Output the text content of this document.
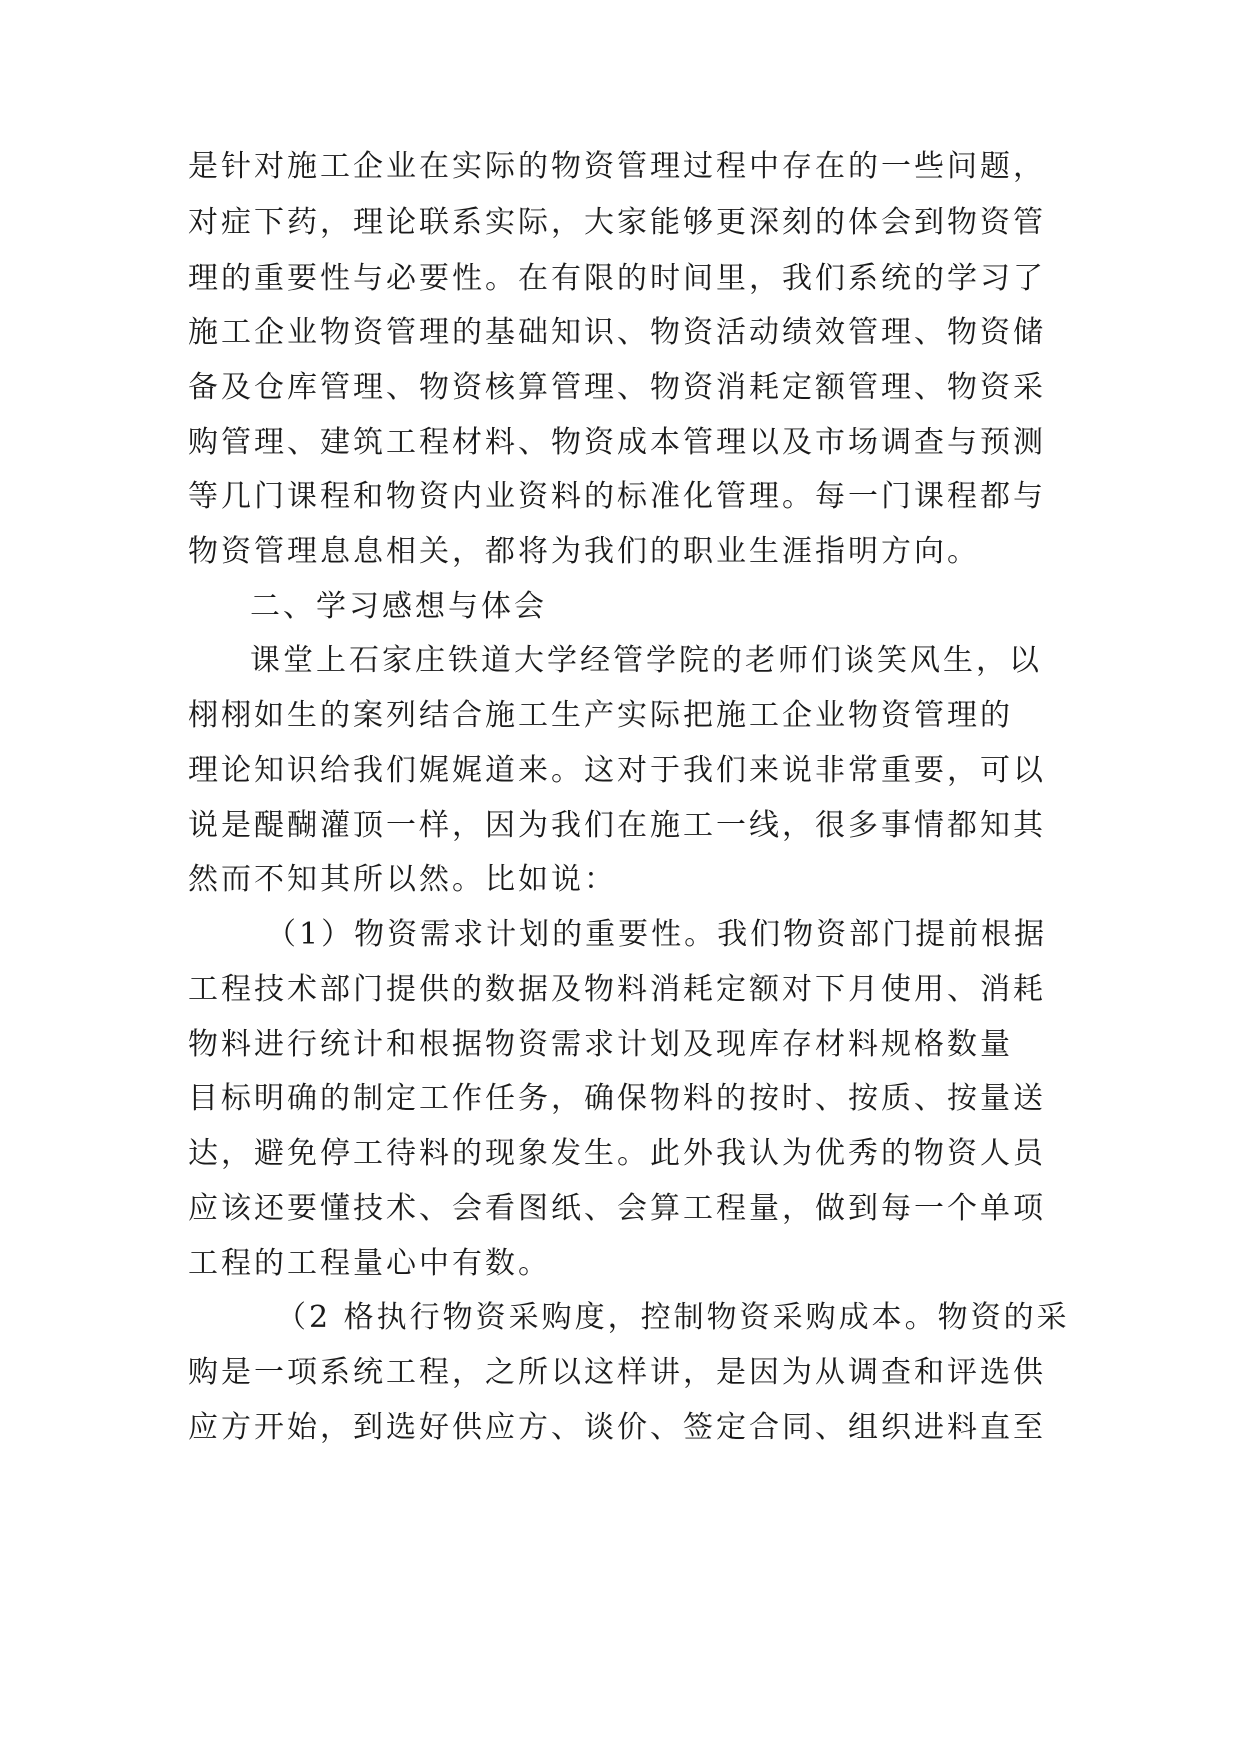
是针对施工企业在实际的物资管理过程中存在的一些问题，
对症下药，理论联系实际，大家能够更深刻的体会到物资管
理的重要性与必要性。在有限的时间里，我们系统的学习了
施工企业物资管理的基础知识、物资活动绩效管理、物资储
备及仓库管理、物资核算管理、物资消耗定额管理、物资采
购管理、建筑工程材料、物资成本管理以及市场调查与预测
等几门课程和物资内业资料的标准化管理。每一门课程都与
物资管理息息相关，都将为我们的职业生涯指明方向。
二、学习感想与体会
课堂上石家庄铁道大学经管学院的老师们谈笑风生，以
栩栩如生的案列结合施工生产实际把施工企业物资管理的
理论知识给我们娓娓道来。这对于我们来说非常重要，可以
说是醍醐灌顶一样，因为我们在施工一线，很多事情都知其
然而不知其所以然。比如说：
（1）物资需求计划的重要性。我们物资部门提前根据
工程技术部门提供的数据及物料消耗定额对下月使用、消耗
物料进行统计和根据物资需求计划及现库存材料规格数量
目标明确的制定工作任务，确保物料的按时、按质、按量送
达，避免停工待料的现象发生。此外我认为优秀的物资人员
应该还要懂技术、会看图纸、会算工程量，做到每一个单项
工程的工程量心中有数。
（2 格执行物资采购度，控制物资采购成本。物资的采
购是一项系统工程，之所以这样讲，是因为从调查和评选供
应方开始，到选好供应方、谈价、签定合同、组织进料直至
